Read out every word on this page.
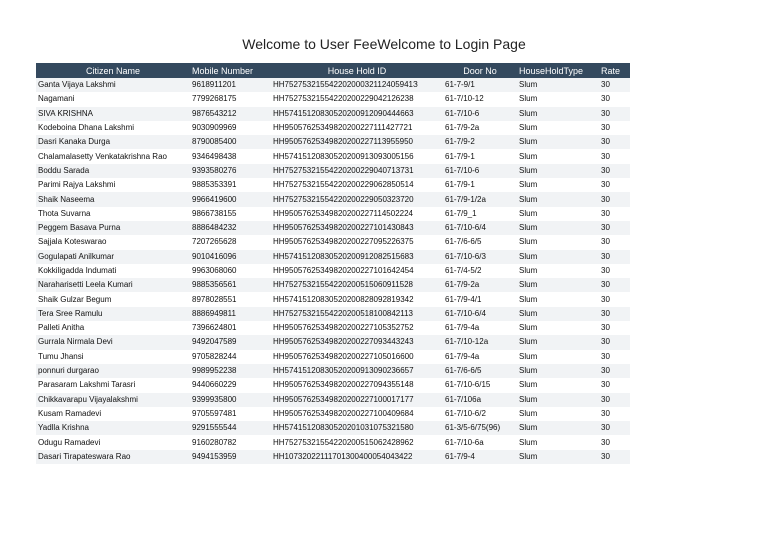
Welcome to User FeeWelcome to Login Page
Citizen Name	Mobile Number	House Hold ID	Door No	HouseHoldType	Rate
Ganta Vijaya Lakshmi	9618911201	HH75275321554220200032112405941З	61-7-9/1	Slum	30
Nagamani	7799268175	HH75275321554220200229042126238	61-7/10-12	Slum	30
SIVA KRISHNA	9876543212	HH57415120830520200912090444663	61-7/10-6	Slum	30
Kodeboina Dhana Lakshmi	9030909969	HH95057625349820200227111427721	61-7/9-2a	Slum	30
Dasri Kanaka Durga	8790085400	HH95057625349820200227113955950	61-7/9-2	Slum	30
Chalamalasetty Venkatakrishna Rao	9346498438	HH57415120830520200913093005156	61-7/9-1	Slum	30
Boddu Sarada	9393580276	HH75275321554220200229040713731	61-7/10-6	Slum	30
Parimi Rajya Lakshmi	9885353391	HH75275321554220200229062850514	61-7/9-1	Slum	30
Shaik Naseema	9966419600	HH75275321554220200229050323720	61-7/9-1/2a	Slum	30
Thota Suvarna	9866738155	HH95057625349820200227114502224	61-7/9_1	Slum	30
Peggem Basava Purna	8886484232	HH95057625349820200227101430843	61-7/10-6/4	Slum	30
Sajjala Koteswarao	7207265628	HH95057625349820200227095226375	61-7/6-6/5	Slum	30
Gogulapati Anilkumar	9010416096	HH57415120830520200912082515683	61-7/10-6/3	Slum	30
Kokkiligadda Indumati	9963068060	HH95057625349820200227101642454	61-7/4-5/2	Slum	30
Naraharisetti Leela Kumari	9885356561	HH75275321554220200515060911528	61-7/9-2a	Slum	30
Shaik Gulzar Begum	8978028551	HH57415120830520200828092819342	61-7/9-4/1	Slum	30
Tera Sree Ramulu	8886949811	HH75275321554220200518100842113	61-7/10-6/4	Slum	30
Palleti Anitha	7396624801	HH95057625349820200227105352752	61-7/9-4a	Slum	30
Gurrala Nirmala Devi	9492047589	HH95057625349820200227093443243	61-7/10-12a	Slum	30
Tumu Jhansi	9705828244	HH95057625349820200227105016600	61-7/9-4a	Slum	30
ponnuri durgarao	9989952238	HH57415120830520200913090236657	61-7/6-6/5	Slum	30
Parasaram Lakshmi Tarasri	9440660229	HH95057625349820200227094355148	61-7/10-6/15	Slum	30
Chikkavarapu Vijayalakshmi	9399935800	HH95057625349820200227100017177	61-7/106a	Slum	30
Kusam Ramadevi	9705597481	HH95057625349820200227100409684	61-7/10-6/2	Slum	30
Yadlla Krishna	9291555544	HH57415120830520201031075321580	61-3/5-6/75(96)	Slum	30
Odugu Ramadevi	9160280782	HH75275321554220200515062428962	61-7/10-6a	Slum	30
Dasari Tirapateswara Rao	9494153959	HH10732022111701300400054043422	61-7/9-4	Slum	30
